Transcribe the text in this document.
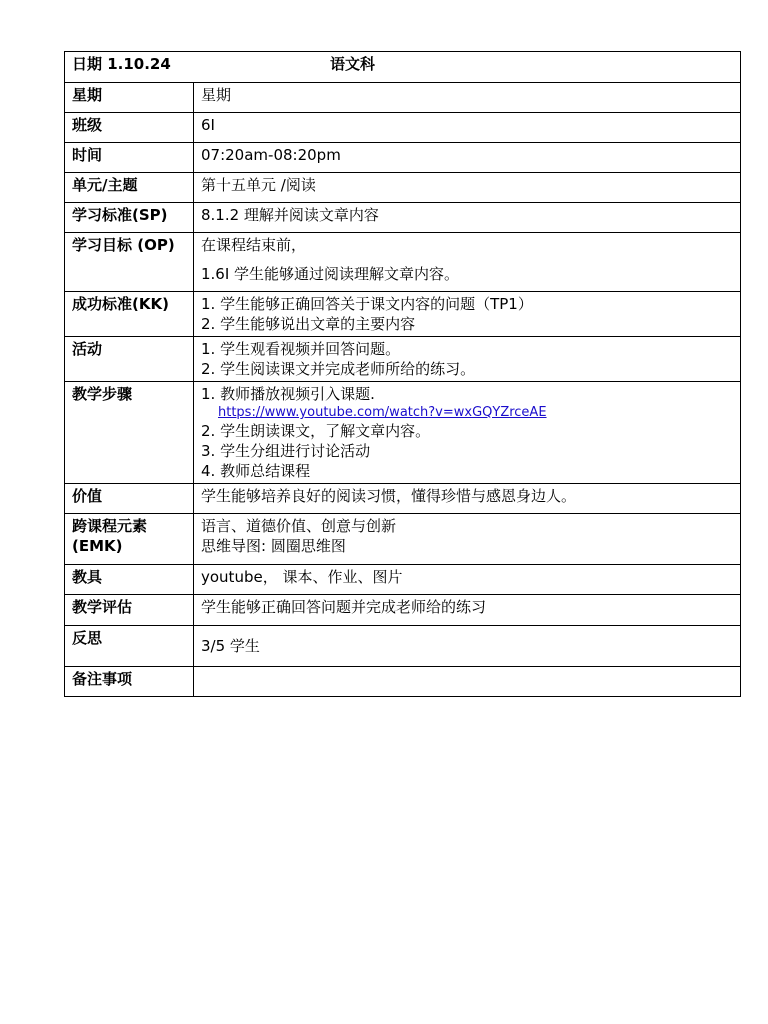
日期 1.10.24 语文科	
星期	星期
班级	6I
时间	07:20am-08:20pm
单元/主题	第十五单元 /阅读
学习标准(SP)	8.1.2 理解并阅读文章内容
学习目标 (OP)	在课程结束前，
1.6I 学生能够通过阅读理解文章内容。

成功标准(KK)	1. 学生能够正确回答关于课文内容的问题（TP1）
2. 学生能够说出文章的主要内容

活动	1. 学生观看视频并回答问题。
2. 学生阅读课文并完成老师所给的练习。

教学步骤	1. 教师播放视频引入课题.
https://www.youtube.com/watch?v=wxGQYZrceAE
2. 学生朗读课文，了解文章内容。
3. 学生分组进行讨论活动
4. 教师总结课程

价值	学生能够培养良好的阅读习惯，懂得珍惜与感恩身边人。

跨课程元素
(EMK)	语言、道德价值、创意与创新
思维导图: 圆圈思维图

教具	youtube， 课本、作业、图片
教学评估	学生能够正确回答问题并完成老师给的练习
反思	3/5 学生

备注事项	
